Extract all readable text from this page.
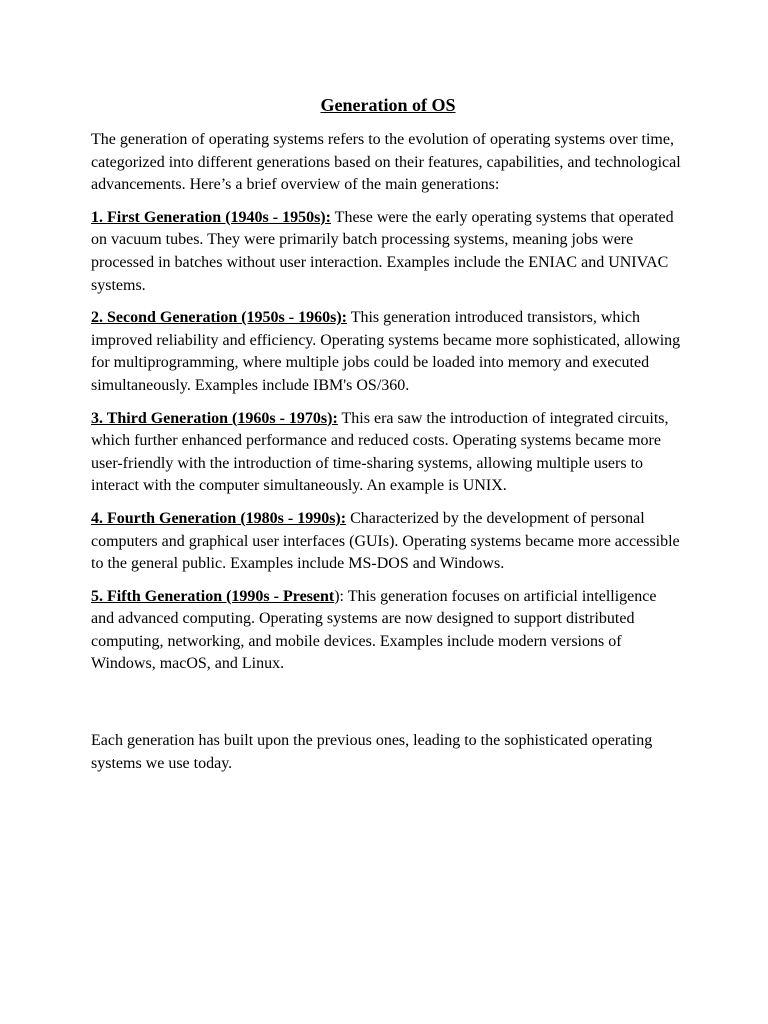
Generation of OS

The generation of operating systems refers to the evolution of operating systems over time, categorized into different generations based on their features, capabilities, and technological advancements. Here’s a brief overview of the main generations:

1. First Generation (1940s - 1950s): These were the early operating systems that operated on vacuum tubes. They were primarily batch processing systems, meaning jobs were processed in batches without user interaction. Examples include the ENIAC and UNIVAC systems.

2. Second Generation (1950s - 1960s): This generation introduced transistors, which improved reliability and efficiency. Operating systems became more sophisticated, allowing for multiprogramming, where multiple jobs could be loaded into memory and executed simultaneously. Examples include IBM's OS/360.

3. Third Generation (1960s - 1970s): This era saw the introduction of integrated circuits, which further enhanced performance and reduced costs. Operating systems became more user-friendly with the introduction of time-sharing systems, allowing multiple users to interact with the computer simultaneously. An example is UNIX.

4. Fourth Generation (1980s - 1990s): Characterized by the development of personal computers and graphical user interfaces (GUIs). Operating systems became more accessible to the general public. Examples include MS-DOS and Windows.

5. Fifth Generation (1990s - Present): This generation focuses on artificial intelligence and advanced computing. Operating systems are now designed to support distributed computing, networking, and mobile devices. Examples include modern versions of Windows, macOS, and Linux.

Each generation has built upon the previous ones, leading to the sophisticated operating systems we use today.
